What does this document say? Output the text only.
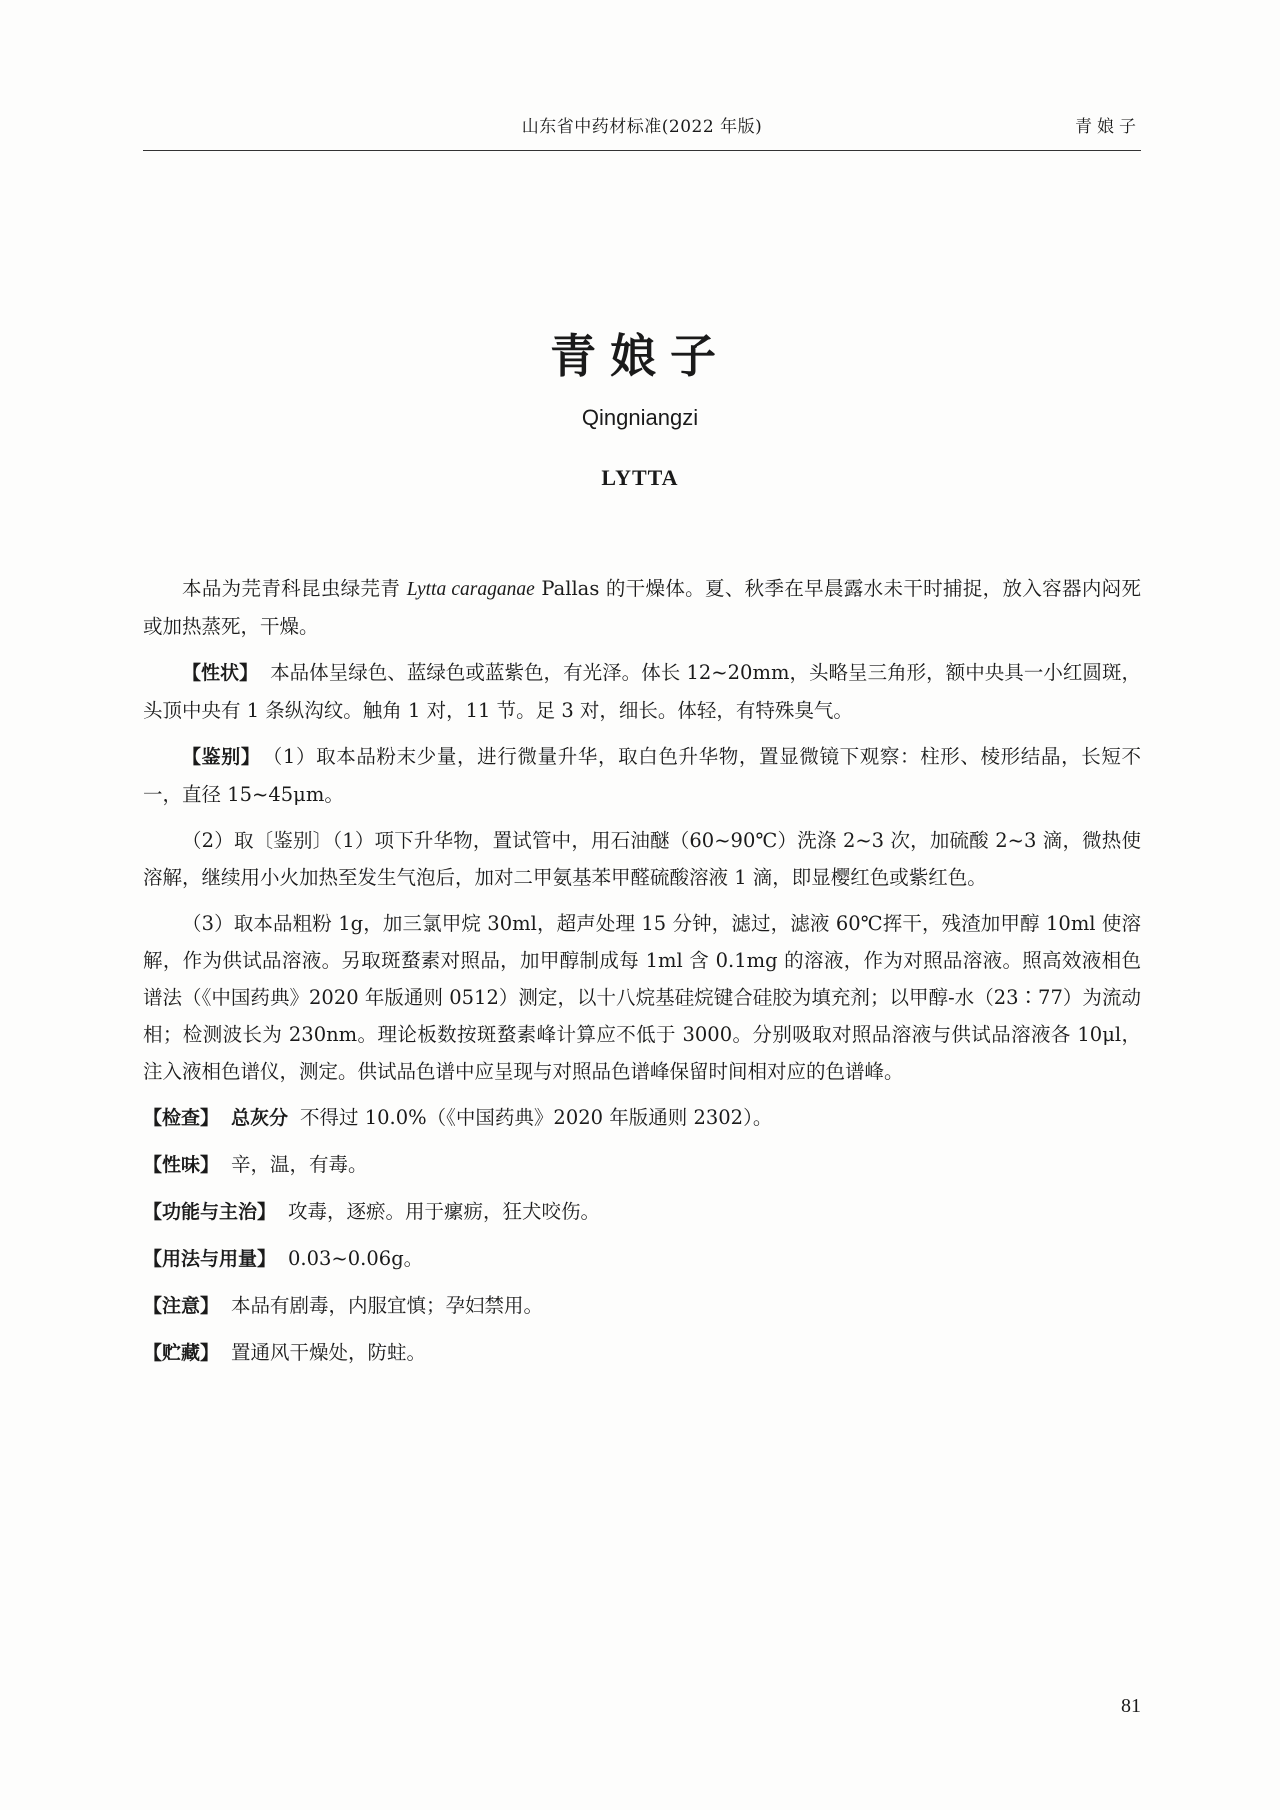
山东省中药材标准(2022 年版)	青娘子
青娘子
Qingniangzi
LYTTA

本品为芫青科昆虫绿芫青 Lytta caraganae Pallas 的干燥体。夏、秋季在早晨露水未干时捕捉，放入容器内闷死或加热蒸死，干燥。

【性状】 本品体呈绿色、蓝绿色或蓝紫色，有光泽。体长 12~20mm，头略呈三角形，额中央具一小红圆斑，头顶中央有 1 条纵沟纹。触角 1 对，11 节。足 3 对，细长。体轻，有特殊臭气。

【鉴别】 （1）取本品粉末少量，进行微量升华，取白色升华物，置显微镜下观察：柱形、棱形结晶，长短不一，直径 15~45μm。

（2）取〔鉴别〕（1）项下升华物，置试管中，用石油醚（60~90℃）洗涤 2~3 次，加硫酸 2~3 滴，微热使溶解，继续用小火加热至发生气泡后，加对二甲氨基苯甲醛硫酸溶液 1 滴，即显樱红色或紫红色。

（3）取本品粗粉 1g，加三氯甲烷 30ml，超声处理 15 分钟，滤过，滤液 60℃挥干，残渣加甲醇 10ml 使溶解，作为供试品溶液。另取斑蝥素对照品，加甲醇制成每 1ml 含 0.1mg 的溶液，作为对照品溶液。照高效液相色谱法（《中国药典》2020 年版通则 0512）测定，以十八烷基硅烷键合硅胶为填充剂；以甲醇-水（23∶77）为流动相；检测波长为 230nm。理论板数按斑蝥素峰计算应不低于 3000。分别吸取对照品溶液与供试品溶液各 10μl，注入液相色谱仪，测定。供试品色谱中应呈现与对照品色谱峰保留时间相对应的色谱峰。

【检查】 总灰分 不得过 10.0%（《中国药典》2020 年版通则 2302）。

【性味】 辛，温，有毒。

【功能与主治】 攻毒，逐瘀。用于瘰疬，狂犬咬伤。

【用法与用量】 0.03~0.06g。

【注意】 本品有剧毒，内服宜慎；孕妇禁用。

【贮藏】 置通风干燥处，防蛀。

81
